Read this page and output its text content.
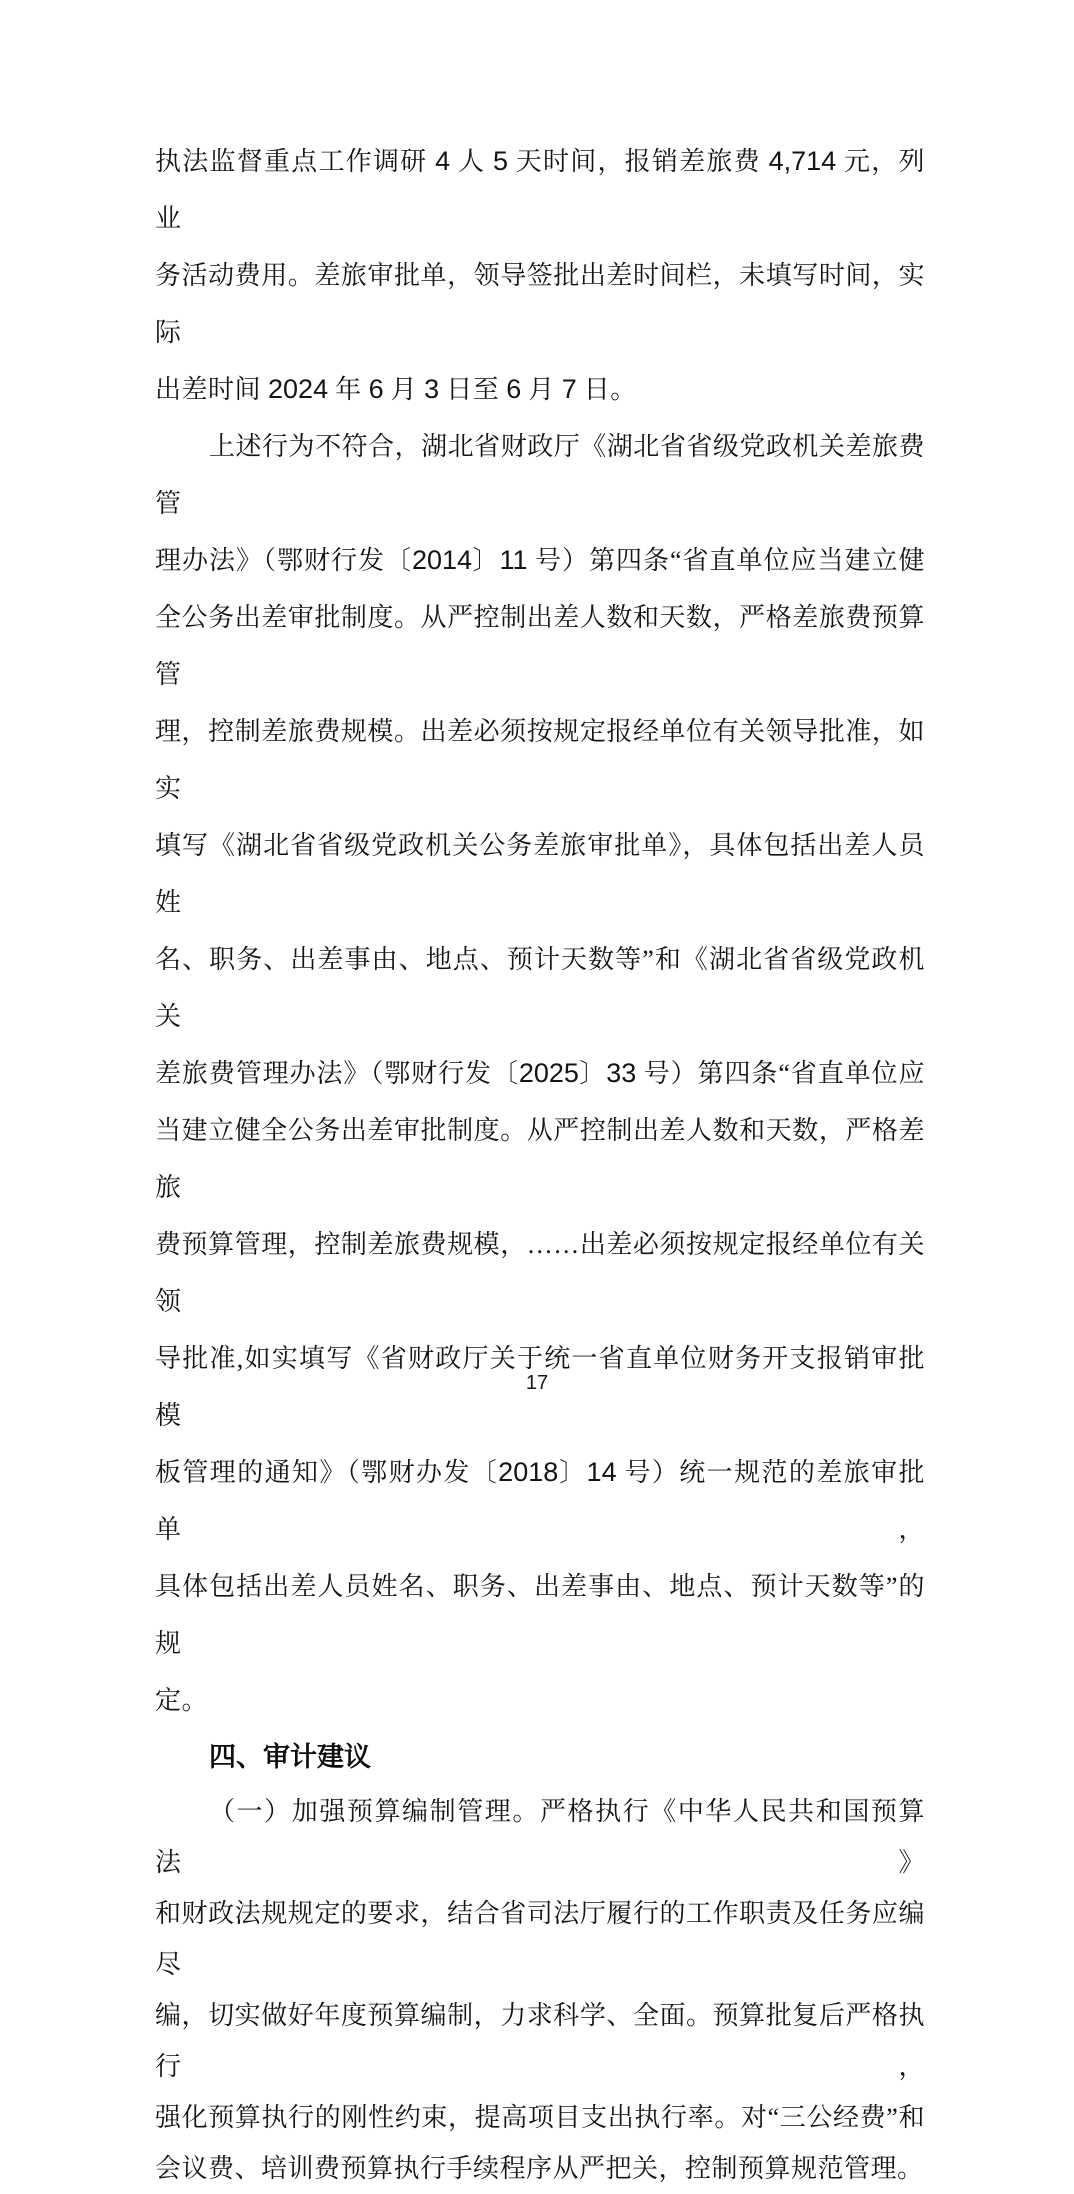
执法监督重点工作调研 4 人 5 天时间，报销差旅费 4,714 元，列业
务活动费用。差旅审批单，领导签批出差时间栏，未填写时间，实际
出差时间 2024 年 6 月 3 日至 6 月 7 日。
上述行为不符合，湖北省财政厅《湖北省省级党政机关差旅费管
理办法》（鄂财行发〔2014〕11 号）第四条“省直单位应当建立健
全公务出差审批制度。从严控制出差人数和天数，严格差旅费预算管
理，控制差旅费规模。出差必须按规定报经单位有关领导批准，如实
填写《湖北省省级党政机关公务差旅审批单》，具体包括出差人员姓
名、职务、出差事由、地点、预计天数等”和《湖北省省级党政机关
差旅费管理办法》（鄂财行发〔2025〕33 号）第四条“省直单位应
当建立健全公务出差审批制度。从严控制出差人数和天数，严格差旅
费预算管理，控制差旅费规模，……出差必须按规定报经单位有关领
导批准,如实填写《省财政厅关于统一省直单位财务开支报销审批模
板管理的通知》（鄂财办发〔2018〕14 号）统一规范的差旅审批单，
具体包括出差人员姓名、职务、出差事由、地点、预计天数等”的规
定。
四、审计建议
（一）加强预算编制管理。严格执行《中华人民共和国预算法》
和财政法规规定的要求，结合省司法厅履行的工作职责及任务应编尽
编，切实做好年度预算编制，力求科学、全面。预算批复后严格执行，
强化预算执行的刚性约束，提高项目支出执行率。对“三公经费”和
会议费、培训费预算执行手续程序从严把关，控制预算规范管理。
17
